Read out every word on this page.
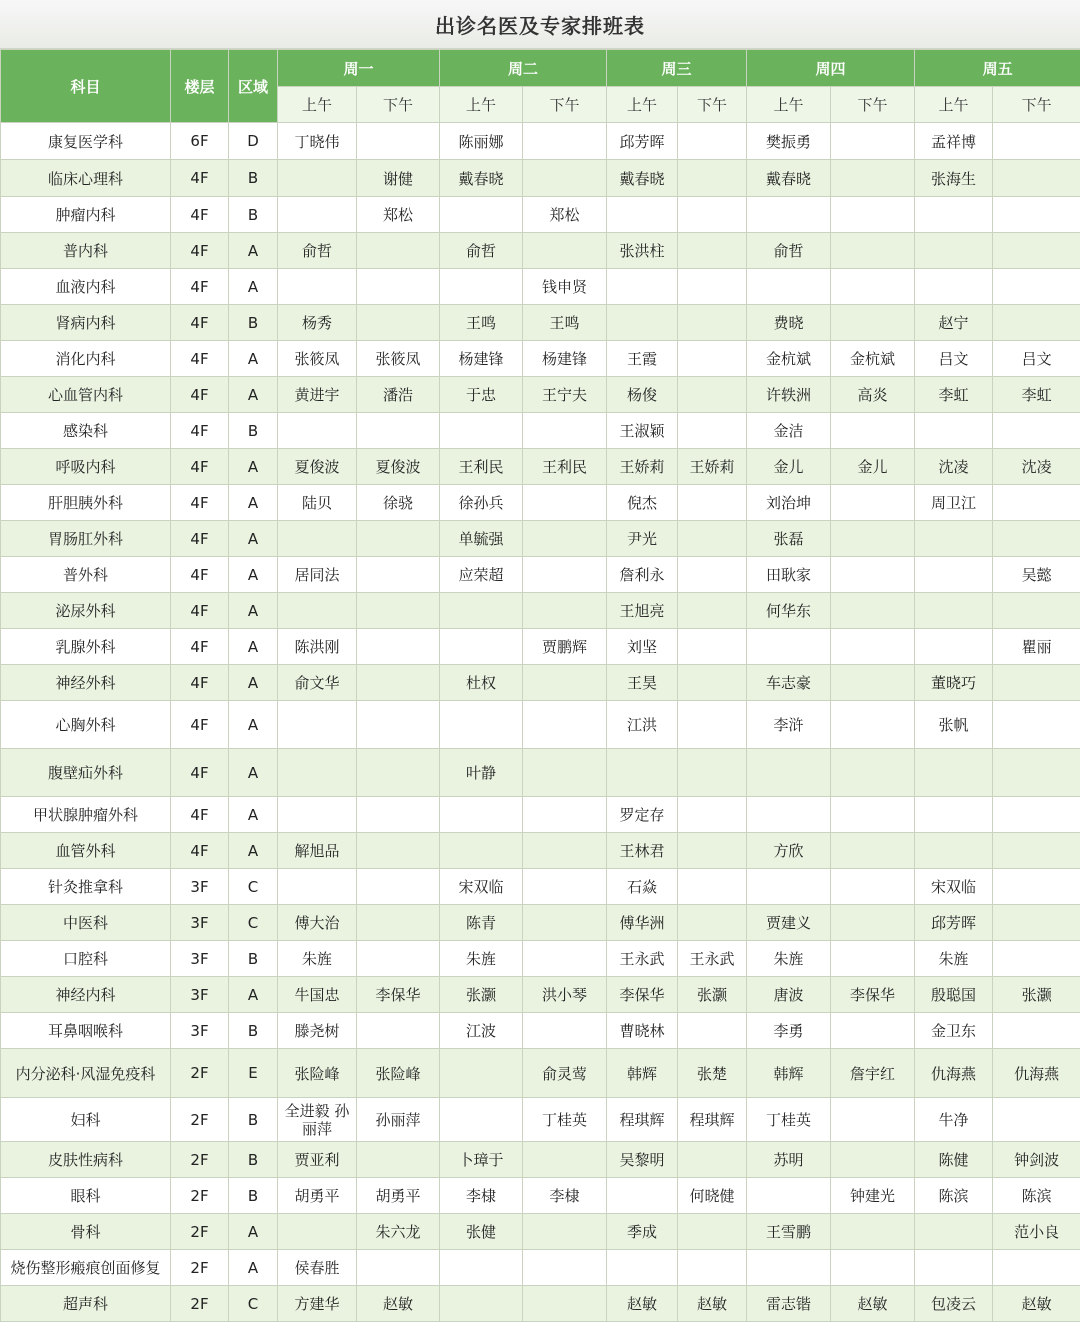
出诊名医及专家排班表
科目	楼层	区域	周一		周二		周三		周四		周五	
			上午	下午	上午	下午	上午	下午	上午	下午	上午	下午
康复医学科	6F	D	丁晓伟		陈丽娜		邱芳晖		樊振勇		孟祥博	
临床心理科	4F	B		谢健	戴春晓		戴春晓		戴春晓		张海生	
肿瘤内科	4F	B		郑松		郑松						
普内科	4F	A	俞哲		俞哲		张洪柱		俞哲			
血液内科	4F	A				钱申贤						
肾病内科	4F	B	杨秀		王鸣	王鸣			费晓		赵宁	
消化内科	4F	A	张筱凤	张筱凤	杨建锋	杨建锋	王霞		金杭斌	金杭斌	吕文	吕文
心血管内科	4F	A	黄进宇	潘浩	于忠	王宁夫	杨俊		许轶洲	高炎	李虹	李虹
感染科	4F	B					王淑颖		金洁			
呼吸内科	4F	A	夏俊波	夏俊波	王利民	王利民	王娇莉	王娇莉	金儿	金儿	沈凌	沈凌
肝胆胰外科	4F	A	陆贝	徐骁	徐孙兵		倪杰		刘治坤		周卫江	
胃肠肛外科	4F	A			单毓强		尹光		张磊			
普外科	4F	A	居同法		应荣超		詹利永		田耿家			吴懿
泌尿外科	4F	A					王旭亮		何华东			
乳腺外科	4F	A	陈洪刚			贾鹏辉	刘坚					瞿丽
神经外科	4F	A	俞文华		杜权		王昊		车志豪		董晓巧	
心胸外科	4F	A					江洪		李浒		张帆	
腹壁疝外科	4F	A			叶静							
甲状腺肿瘤外科	4F	A					罗定存					
血管外科	4F	A	解旭品				王林君		方欣			
针灸推拿科	3F	C			宋双临		石焱				宋双临	
中医科	3F	C	傅大治		陈青		傅华洲		贾建义		邱芳晖	
口腔科	3F	B	朱旌		朱旌		王永武	王永武	朱旌		朱旌	
神经内科	3F	A	牛国忠	李保华	张灏	洪小琴	李保华	张灏	唐波	李保华	殷聪国	张灏
耳鼻咽喉科	3F	B	滕尧树		江波		曹晓林		李勇		金卫东	
内分泌科·风湿免疫科	2F	E	张险峰	张险峰		俞灵莺	韩辉	张楚	韩辉	詹宇红	仇海燕	仇海燕
妇科	2F	B	全进毅 孙丽萍	孙丽萍		丁桂英	程琪辉	程琪辉	丁桂英		牛净	
皮肤性病科	2F	B	贾亚利		卜璋于		吴黎明		苏明		陈健	钟剑波
眼科	2F	B	胡勇平	胡勇平	李棣	李棣		何晓健		钟建光	陈滨	陈滨
骨科	2F	A		朱六龙	张健		季成		王雪鹏			范小良
烧伤整形瘢痕创面修复	2F	A	侯春胜									
超声科	2F	C	方建华	赵敏			赵敏	赵敏	雷志锴	赵敏	包凌云	赵敏
